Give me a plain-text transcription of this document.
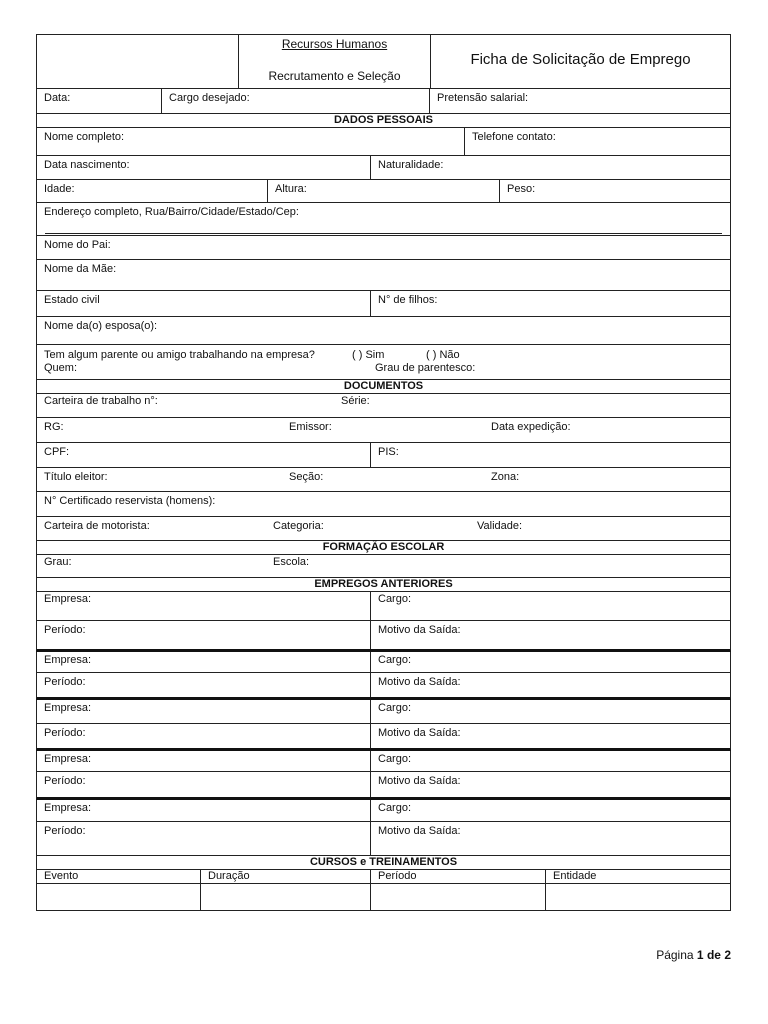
Recursos Humanos
Recrutamento e Seleção
Ficha de Solicitação de Emprego
Data:	Cargo desejado:	Pretensão salarial:
DADOS PESSOAIS
Nome completo:	Telefone contato:
Data nascimento:	Naturalidade:
Idade:	Altura:	Peso:
Endereço completo, Rua/Bairro/Cidade/Estado/Cep:
Nome do Pai:
Nome da Mãe:
Estado civil	N° de filhos:
Nome da(o) esposa(o):
Tem algum parente ou amigo trabalhando na empresa?	( ) Sim	( ) Não
Quem:	Grau de parentesco:
DOCUMENTOS
Carteira de trabalho n°:	Série:
RG:	Emissor:	Data expedição:
CPF:	PIS:
Título eleitor:	Seção:	Zona:
N° Certificado reservista (homens):
Carteira de motorista:	Categoria:	Validade:
FORMAÇÃO ESCOLAR
Grau:	Escola:
EMPREGOS ANTERIORES
Empresa:	Cargo:
Período:	Motivo da Saída:
Empresa:	Cargo:
Período:	Motivo da Saída:
Empresa:	Cargo:
Período:	Motivo da Saída:
Empresa:	Cargo:
Período:	Motivo da Saída:
Empresa:	Cargo:
Período:	Motivo da Saída:
CURSOS e TREINAMENTOS
Evento	Duração	Período	Entidade
Página 1 de 2
